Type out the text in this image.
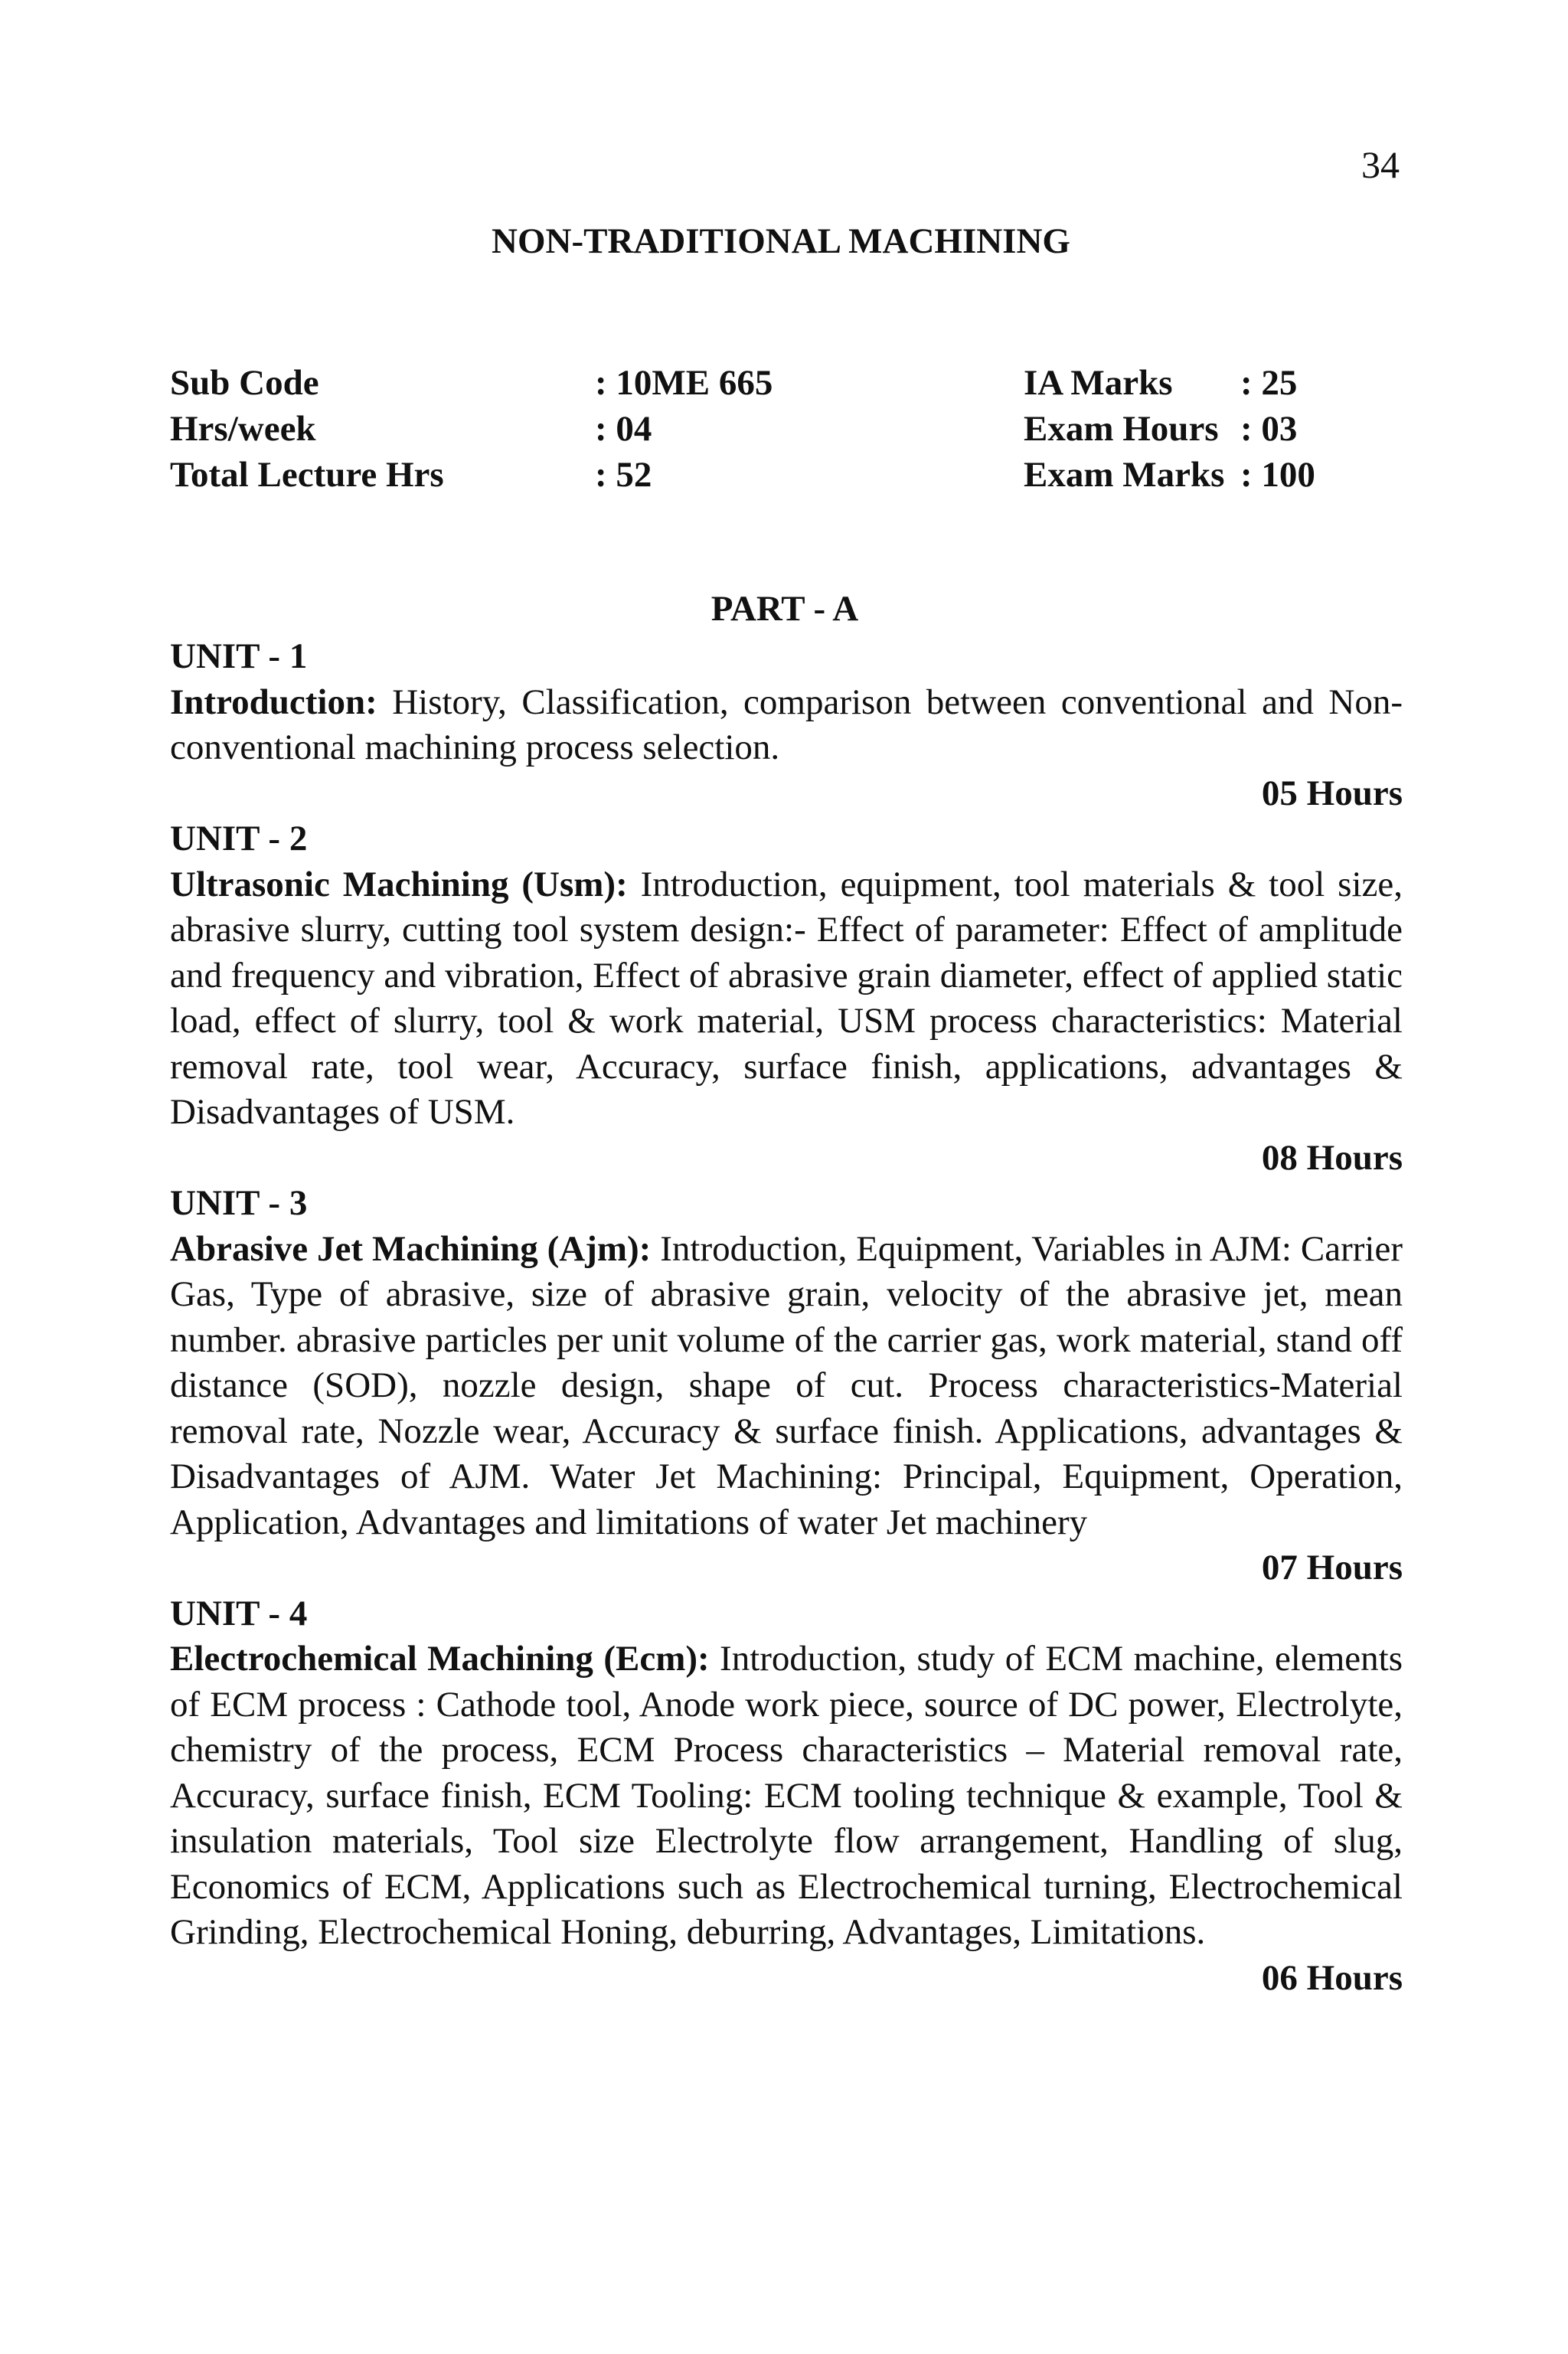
34
NON-TRADITIONAL MACHINING
Sub Code	: 10ME 665	IA Marks : 25
Hrs/week	: 04	Exam Hours : 03
Total Lecture Hrs	: 52	Exam Marks : 100
PART - A
UNIT - 1
Introduction: History, Classification, comparison between conventional and Non-conventional machining process selection.
05 Hours
UNIT - 2
Ultrasonic Machining (Usm): Introduction, equipment, tool materials & tool size, abrasive slurry, cutting tool system design:- Effect of parameter: Effect of amplitude and frequency and vibration, Effect of abrasive grain diameter, effect of applied static load, effect of slurry, tool & work material, USM process characteristics: Material removal rate, tool wear, Accuracy, surface finish, applications, advantages & Disadvantages of USM.
08 Hours
UNIT - 3
Abrasive Jet Machining (Ajm): Introduction, Equipment, Variables in AJM: Carrier Gas, Type of abrasive, size of abrasive grain, velocity of the abrasive jet, mean number. abrasive particles per unit volume of the carrier gas, work material, stand off distance (SOD), nozzle design, shape of cut. Process characteristics-Material removal rate, Nozzle wear, Accuracy & surface finish. Applications, advantages & Disadvantages of AJM. Water Jet Machining: Principal, Equipment, Operation, Application, Advantages and limitations of water Jet machinery
07 Hours
UNIT - 4
Electrochemical Machining (Ecm): Introduction, study of ECM machine, elements of ECM process : Cathode tool, Anode work piece, source of DC power, Electrolyte, chemistry of the process, ECM Process characteristics – Material removal rate, Accuracy, surface finish, ECM Tooling: ECM tooling technique & example, Tool & insulation materials, Tool size Electrolyte flow arrangement, Handling of slug, Economics of ECM, Applications such as Electrochemical turning, Electrochemical Grinding, Electrochemical Honing, deburring, Advantages, Limitations.
06 Hours
